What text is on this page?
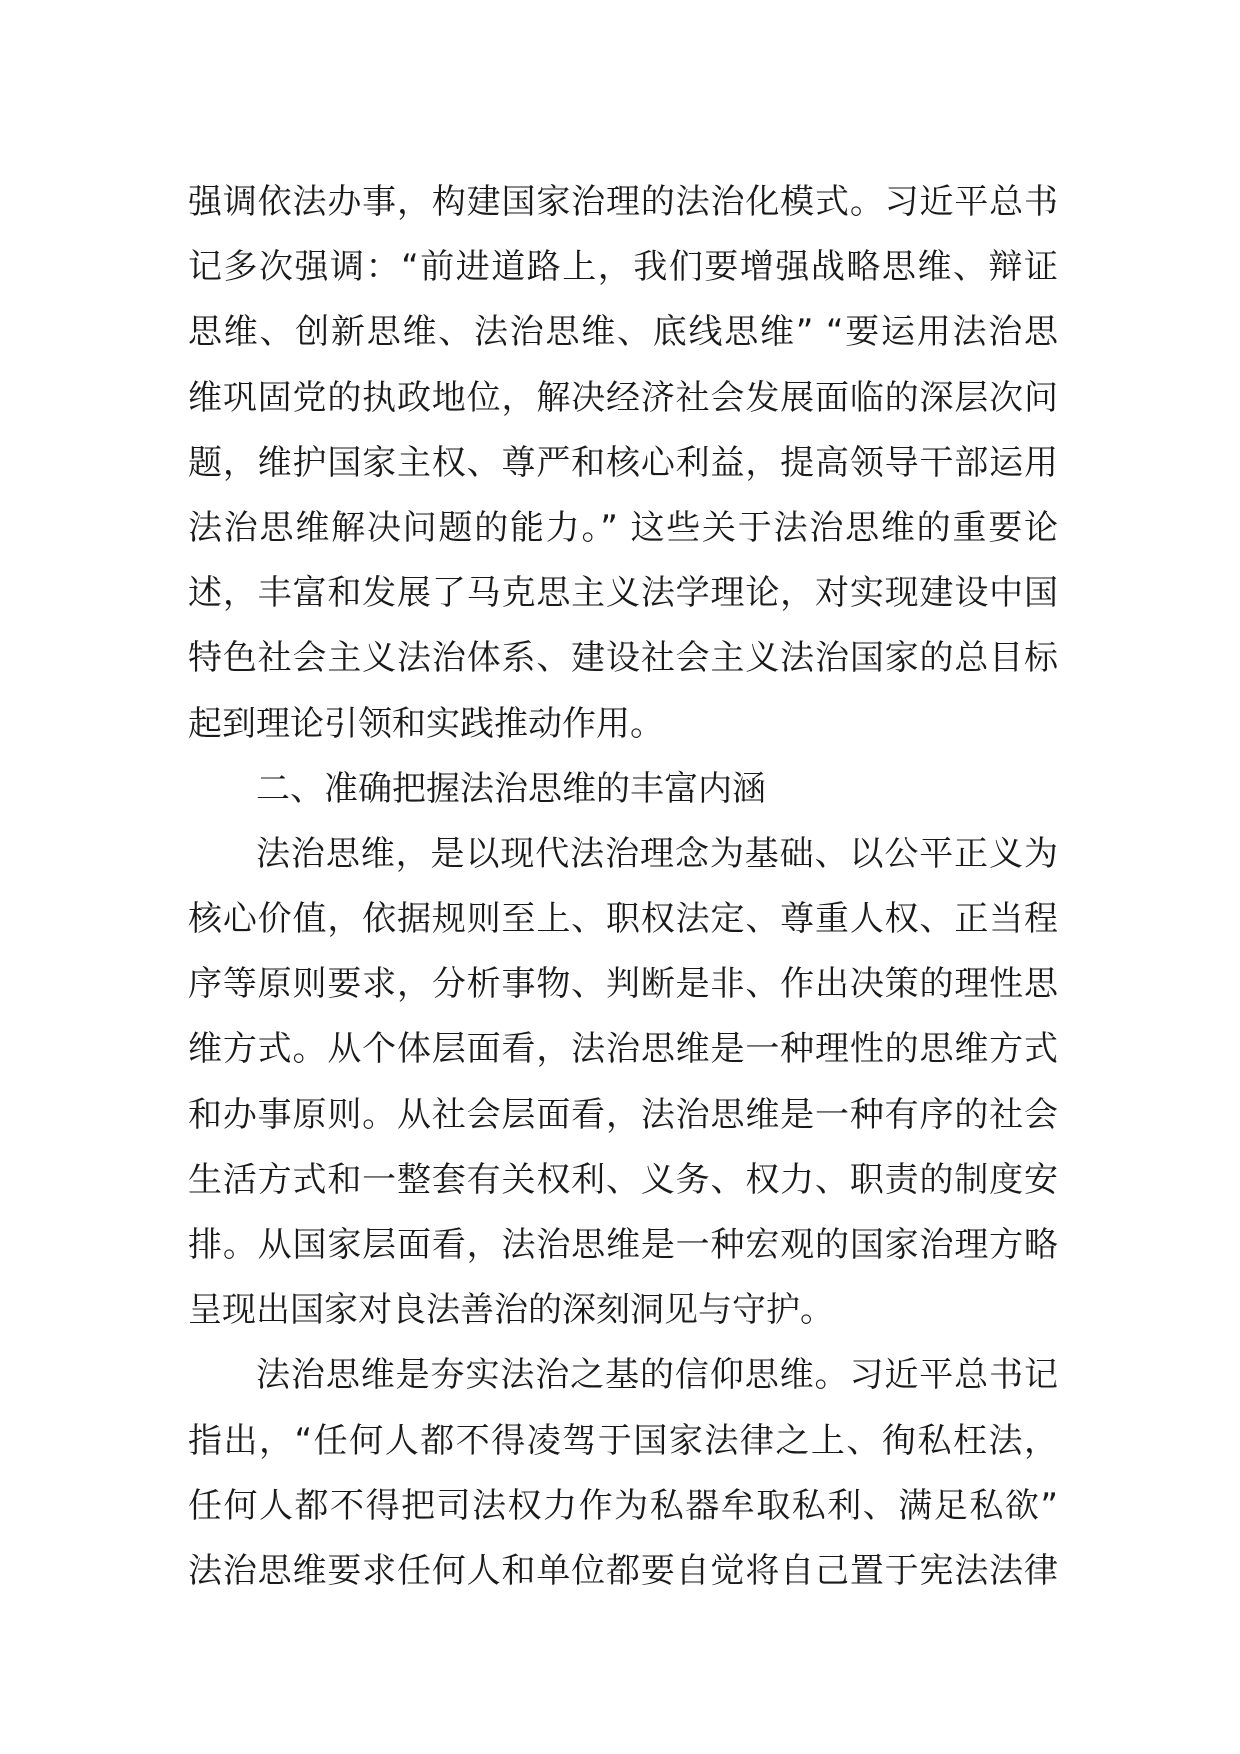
强调依法办事，构建国家治理的法治化模式。习近平总书
记多次强调：“前进道路上，我们要增强战略思维、辩证
思维、创新思维、法治思维、底线思维” “要运用法治思
维巩固党的执政地位，解决经济社会发展面临的深层次问
题，维护国家主权、尊严和核心利益，提高领导干部运用
法治思维解决问题的能力。” 这些关于法治思维的重要论
述，丰富和发展了马克思主义法学理论，对实现建设中国
特色社会主义法治体系、建设社会主义法治国家的总目标
起到理论引领和实践推动作用。
二、准确把握法治思维的丰富内涵
法治思维，是以现代法治理念为基础、以公平正义为
核心价值，依据规则至上、职权法定、尊重人权、正当程
序等原则要求，分析事物、判断是非、作出决策的理性思
维方式。从个体层面看，法治思维是一种理性的思维方式
和办事原则。从社会层面看，法治思维是一种有序的社会
生活方式和一整套有关权利、义务、权力、职责的制度安
排。从国家层面看，法治思维是一种宏观的国家治理方略
呈现出国家对良法善治的深刻洞见与守护。
法治思维是夯实法治之基的信仰思维。习近平总书记
指出，“任何人都不得凌驾于国家法律之上、徇私枉法，
任何人都不得把司法权力作为私器牟取私利、满足私欲”
法治思维要求任何人和单位都要自觉将自己置于宪法法律
